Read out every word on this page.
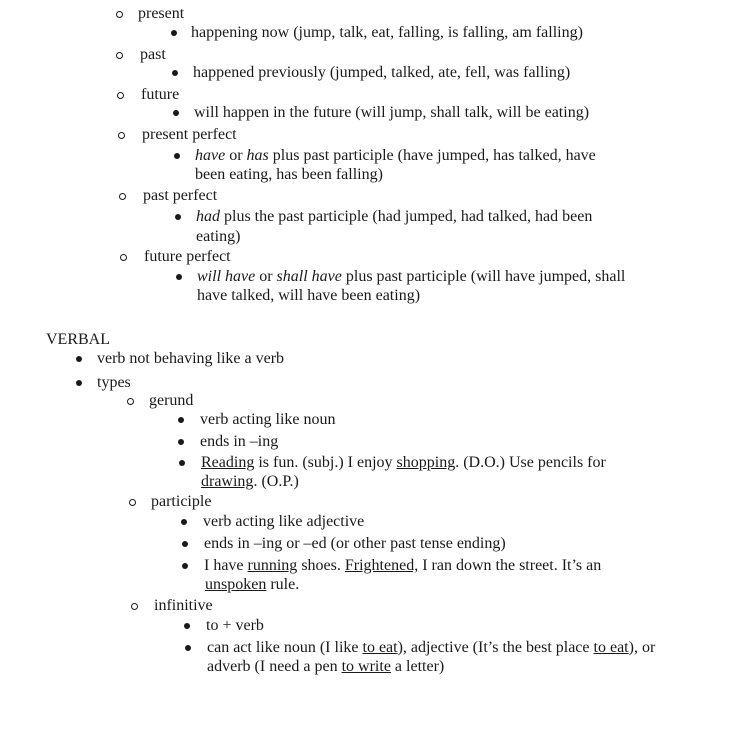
present
happening now (jump, talk, eat, falling, is falling, am falling)
past
happened previously (jumped, talked, ate, fell, was falling)
future
will happen in the future (will jump, shall talk, will be eating)
present perfect
have or has plus past participle (have jumped, has talked, have
been eating, has been falling)
past perfect
had plus the past participle (had jumped, had talked, had been
eating)
future perfect
will have or shall have plus past participle (will have jumped, shall
have talked, will have been eating)
VERBAL
verb not behaving like a verb
types
gerund
verb acting like noun
ends in –ing
Reading is fun. (subj.) I enjoy shopping. (D.O.) Use pencils for
drawing. (O.P.)
participle
verb acting like adjective
ends in –ing or –ed (or other past tense ending)
I have running shoes. Frightened, I ran down the street. It’s an
unspoken rule.
infinitive
to + verb
can act like noun (I like to eat), adjective (It’s the best place to eat), or
adverb (I need a pen to write a letter)
